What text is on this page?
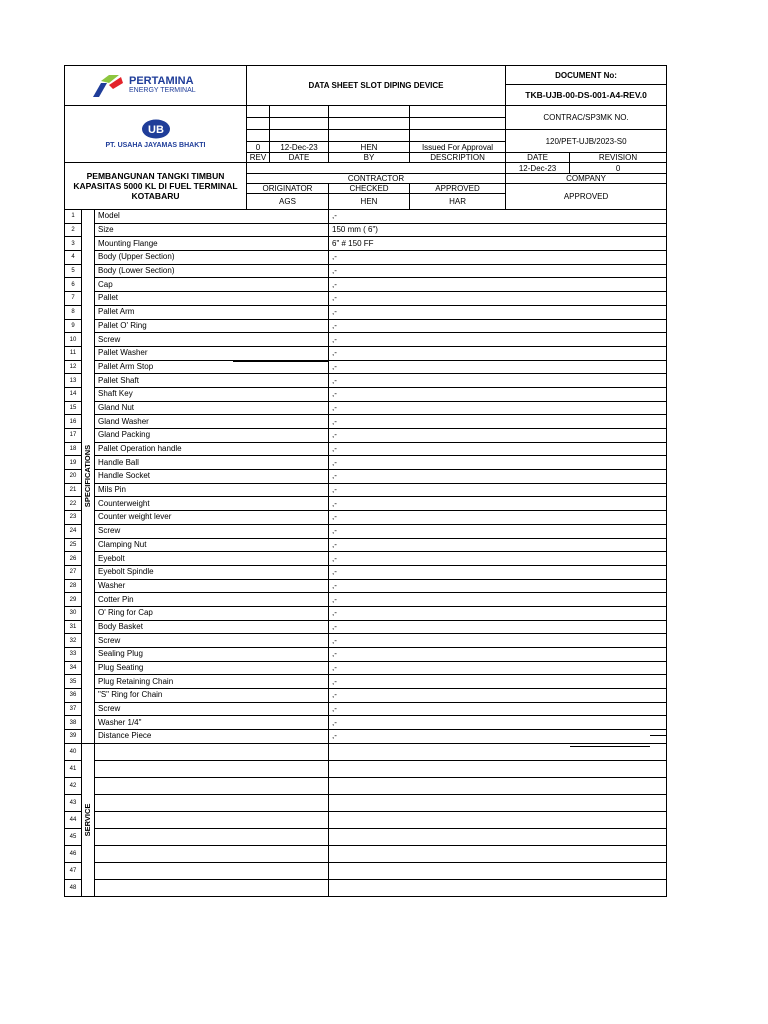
PERTAMINA
ENERGY TERMINAL	DATA SHEET SLOT DIPING DEVICE				DOCUMENT No:	
					TKB-UJB-00-DS-001-A4-REV.0	

UB
PT. USAHA JAYAMAS BHAKTI					CONTRAC/SP3MK NO.	

					120/PET-UJB/2023-S0	
	0	12-Dec-23	HEN	Issued For Approval		
	REV	DATE	BY	DESCRIPTION	DATE	REVISION
PEMBANGUNAN TANGKI TIMBUN KAPASITAS 5000 KL DI FUEL TERMINAL KOTABARU					12-Dec-23	0
	CONTRACTOR				COMPANY	
	ORIGINATOR		CHECKED	APPROVED	APPROVED	
	AGS		HEN	HAR		

1	SPECIFICATIONS	Model	,-
2		Size	150 mm ( 6")
3		Mounting Flange	6" # 150 FF
4		Body (Upper Section)	,-
5		Body (Lower Section)	,-
6		Cap	,-
7		Pallet	,-
8		Pallet Arm	,-
9		Pallet O' Ring	,-
10		Screw	,-
11		Pallet Washer	,-
12		Pallet Arm Stop	,-
13		Pallet Shaft	,-
14		Shaft Key	,-
15		Gland Nut	,-
16		Gland Washer	,-
17		Gland Packing	,-
18		Pallet Operation handle	,-
19		Handle Ball	,-
20		Handle Socket	,-
21		Mils Pin	,-
22		Counterweight	,-
23		Counter weight lever	,-
24		Screw	,-
25		Clamping Nut	,-
26		Eyebolt	,-
27		Eyebolt Spindle	,-
28		Washer	,-
29		Cotter Pin	,-
30		O' Ring for Cap	,-
31		Body Basket	,-
32		Screw	,-
33		Sealing Plug	,-
34		Plug Seating	,-
35		Plug Retaining Chain	,-
36		"S" Ring for Chain	,-
37		Screw	,-
38		Washer 1/4"	,-
39		Distance Piece	,-
40	SERVICE		

41			
42			
43			
44			
45			
46			
47			
48			
